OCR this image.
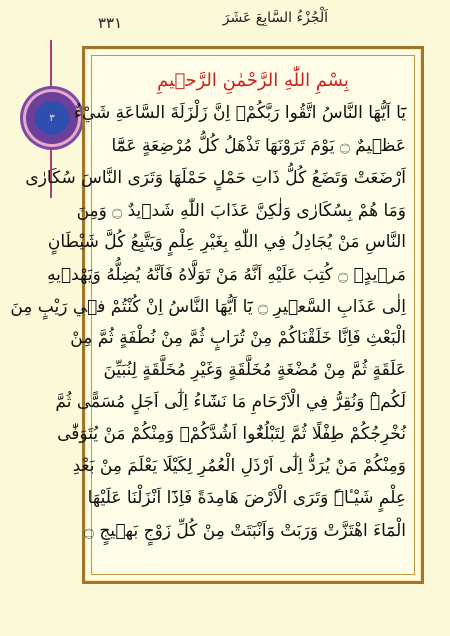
٣٣١	اَلْجُزْءُ السَّابِعَ عَشَرَ
٣
بِسْمِ اللّٰهِ الرَّحْمٰنِ الرَّح۪يمِ
يَٓا اَيُّهَا النَّاسُ اتَّقُوا رَبَّكُمْۚ اِنَّ زَلْزَلَةَ السَّاعَةِ شَيْءٌ
عَظ۪يمٌ ۝ يَوْمَ تَرَوْنَهَا تَذْهَلُ كُلُّ مُرْضِعَةٍ عَمَّٓا
اَرْضَعَتْ وَتَضَعُ كُلُّ ذَاتِ حَمْلٍ حَمْلَهَا وَتَرَى النَّاسَ سُكَارٰى
وَمَا هُمْ بِسُكَارٰى وَلٰكِنَّ عَذَابَ اللّٰهِ شَد۪يدٌ ۝ وَمِنَ
النَّاسِ مَنْ يُجَادِلُ فِي اللّٰهِ بِغَيْرِ عِلْمٍ وَيَتَّبِعُ كُلَّ شَيْطَانٍ
مَر۪يدٍۙ ۝ كُتِبَ عَلَيْهِ اَنَّهُ مَنْ تَوَلَّاهُ فَاَنَّهُ يُضِلُّهُ وَيَهْد۪يهِ
اِلٰى عَذَابِ السَّع۪يرِ ۝ يَٓا اَيُّهَا النَّاسُ اِنْ كُنْتُمْ ف۪ي رَيْبٍ مِنَ
الْبَعْثِ فَاِنَّا خَلَقْنَاكُمْ مِنْ تُرَابٍ ثُمَّ مِنْ نُطْفَةٍ ثُمَّ مِنْ
عَلَقَةٍ ثُمَّ مِنْ مُضْغَةٍ مُخَلَّقَةٍ وَغَيْرِ مُخَلَّقَةٍ لِنُبَيِّنَ
لَكُمْۜ وَنُقِرُّ فِي الْاَرْحَامِ مَا نَشَٓاءُ اِلٰٓى اَجَلٍ مُسَمًّى ثُمَّ
نُخْرِجُكُمْ طِفْلًا ثُمَّ لِتَبْلُغُٓوا اَشُدَّكُمْۚ وَمِنْكُمْ مَنْ يُتَوَفّٰى
وَمِنْكُمْ مَنْ يُرَدُّ اِلٰٓى اَرْذَلِ الْعُمُرِ لِكَيْلَا يَعْلَمَ مِنْ بَعْدِ
عِلْمٍ شَيْـٔاًۜ وَتَرَى الْاَرْضَ هَامِدَةً فَاِذَٓا اَنْزَلْنَا عَلَيْهَا
الْمَٓاءَ اهْتَزَّتْ وَرَبَتْ وَاَنْبَتَتْ مِنْ كُلِّ زَوْجٍ بَه۪يجٍ ۝
